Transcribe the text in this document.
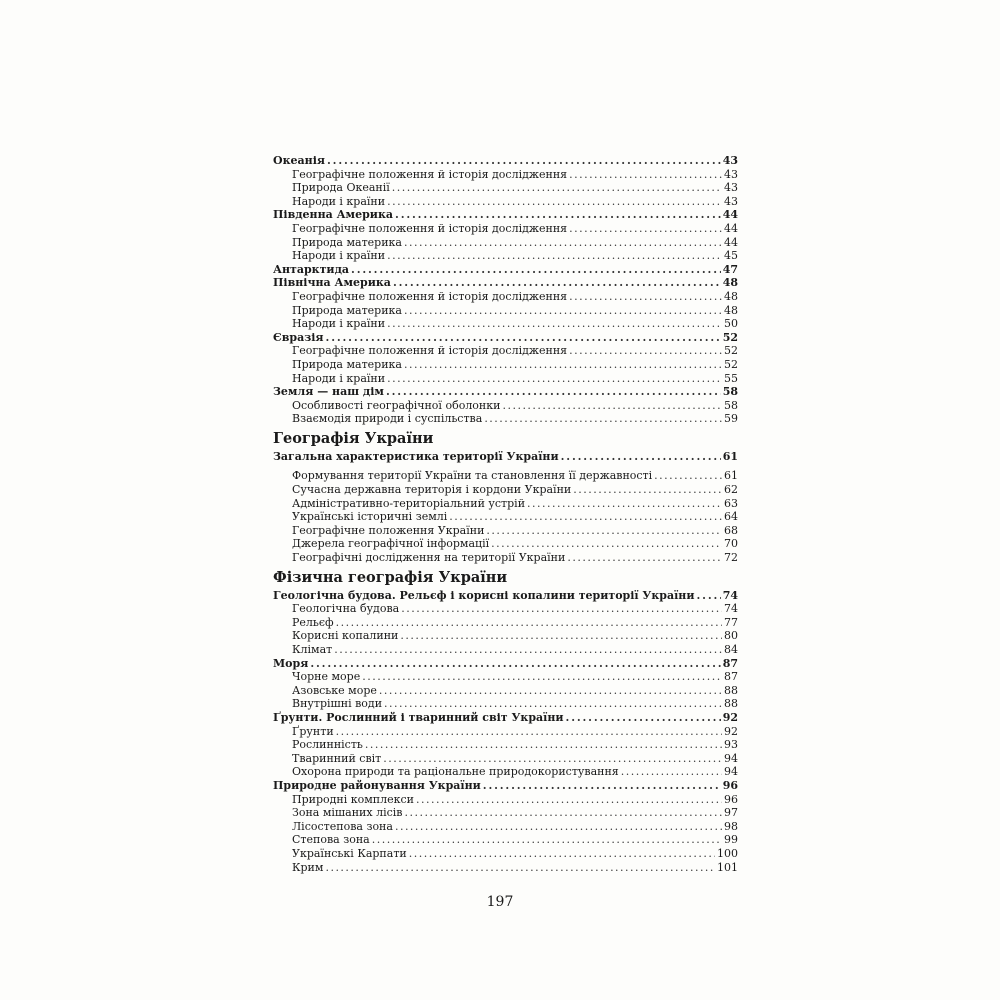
Океанія . . .	43
Географічне положення й історія дослідження . . .	43
Природа Океанії . . .	43
Народи і країни . . .	43
Південна Америка . . .	44
Географічне положення й історія дослідження . . .	44
Природа материка . . .	44
Народи і країни . . .	45
Антарктида . . .	47
Північна Америка . . .	48
Географічне положення й історія дослідження . . .	48
Природа материка . . .	48
Народи і країни . . .	50
Євразія . . .	52
Географічне положення й історія дослідження . . .	52
Природа материка . . .	52
Народи і країни . . .	55
Земля — наш дім . . .	58
Особливості географічної оболонки . . .	58
Взаємодія природи і суспільства . . .	59
Географія України
Загальна характеристика території України . . .	61
Формування території України та становлення її державності . . .	61
Сучасна державна територія і кордони України . . .	62
Адміністративно-територіальний устрій . . .	63
Українські історичні землі . . .	64
Географічне положення України . . .	68
Джерела географічної інформації . . .	70
Географічні дослідження на території України . . .	72
Фізична географія України
Геологічна будова. Рельєф і корисні копалини території України . . .	74
Геологічна будова . . .	74
Рельєф . . .	77
Корисні копалини . . .	80
Клімат . . .	84
Моря . . .	87
Чорне море . . .	87
Азовське море . . .	88
Внутрішні води . . .	88
Ґрунти. Рослинний і тваринний світ України . . .	92
Ґрунти . . .	92
Рослинність . . .	93
Тваринний світ . . .	94
Охорона природи та раціональне природокористування . . .	94
Природне районування України . . .	96
Природні комплекси . . .	96
Зона мішаних лісів . . .	97
Лісостепова зона . . .	98
Степова зона . . .	99
Українські Карпати . . .	100
Крим . . .	101
197
